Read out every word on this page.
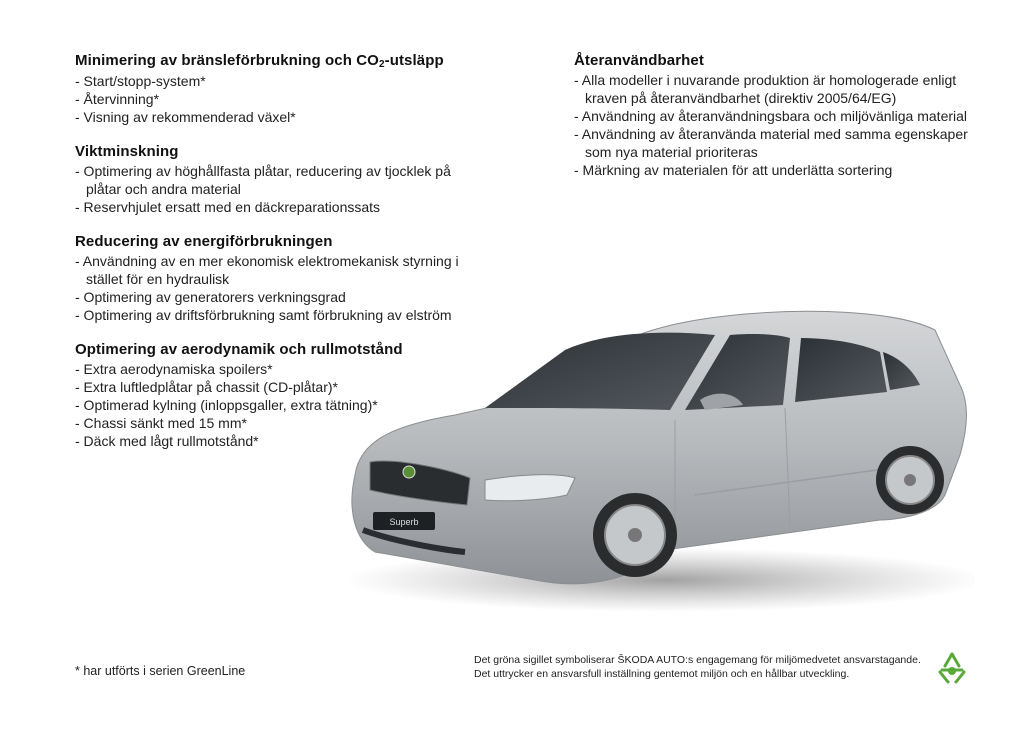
Minimering av bränsleförbrukning och $CO_2$-utsläpp
- Start/stopp-system*
- Återvinning*
- Visning av rekommenderad växel*
Viktminskning
- Optimering av höghållfasta plåtar, reducering av tjocklek på plåtar och andra material
- Reservhjulet ersatt med en däckreparationssats
Reducering av energiförbrukningen
- Användning av en mer ekonomisk elektromekanisk styrning i stället för en hydraulisk
- Optimering av generatorers verkningsgrad
- Optimering av driftsförbrukning samt förbrukning av elström
Optimering av aerodynamik och rullmotstånd
- Extra aerodynamiska spoilers*
- Extra luftledplåtar på chassit (CD-plåtar)*
- Optimerad kylning (inloppsgaller, extra tätning)*
- Chassi sänkt med 15 mm*
- Däck med lågt rullmotstånd*
Återanvändbarhet
- Alla modeller i nuvarande produktion är homologerade enligt kraven på återanvändbarhet (direktiv 2005/64/EG)
- Användning av återanvändningsbara och miljövänliga material
- Användning av återanvända material med samma egenskaper som nya material prioriteras
- Märkning av materialen för att underlätta sortering
Superb
* har utförts i serien GreenLine
Det gröna sigillet symboliserar ŠKODA AUTO:s engagemang för miljömedvetet ansvarstagande.
Det uttrycker en ansvarsfull inställning gentemot miljön och en hållbar utveckling.
